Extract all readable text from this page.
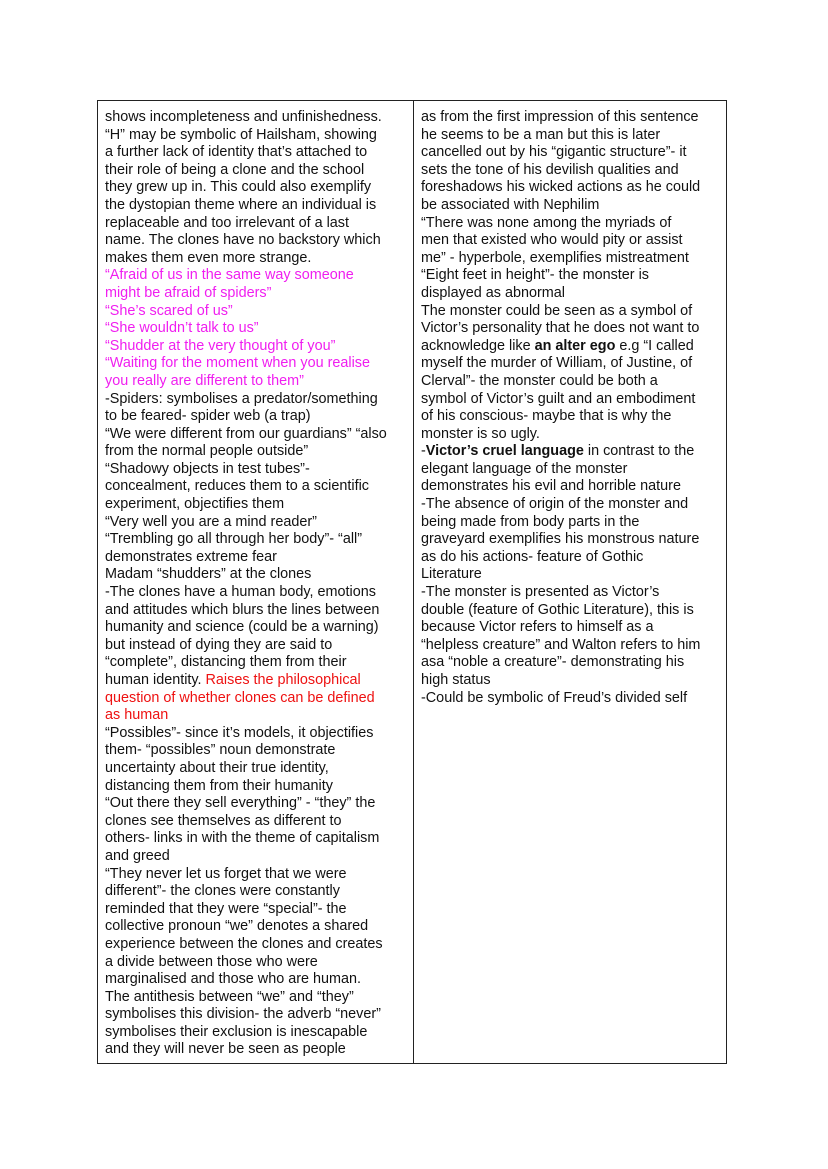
shows incompleteness and unfinishedness.
“H” may be symbolic of Hailsham, showing
a further lack of identity that’s attached to
their role of being a clone and the school
they grew up in. This could also exemplify
the dystopian theme where an individual is
replaceable and too irrelevant of a last
name. The clones have no backstory which
makes them even more strange.
“Afraid of us in the same way someone
might be afraid of spiders”
“She’s scared of us”
“She wouldn’t talk to us”
“Shudder at the very thought of you”
“Waiting for the moment when you realise
you really are different to them”
-Spiders: symbolises a predator/something
to be feared- spider web (a trap)
“We were different from our guardians” “also
from the normal people outside”
“Shadowy objects in test tubes”-
concealment, reduces them to a scientific
experiment, objectifies them
“Very well you are a mind reader”
“Trembling go all through her body”- “all”
demonstrates extreme fear
Madam “shudders” at the clones
-The clones have a human body, emotions
and attitudes which blurs the lines between
humanity and science (could be a warning)
but instead of dying they are said to
“complete”, distancing them from their
human identity. Raises the philosophical
question of whether clones can be defined
as human
“Possibles”- since it’s models, it objectifies
them- “possibles” noun demonstrate
uncertainty about their true identity,
distancing them from their humanity
“Out there they sell everything” - “they” the
clones see themselves as different to
others- links in with the theme of capitalism
and greed
“They never let us forget that we were
different”- the clones were constantly
reminded that they were “special”- the
collective pronoun “we” denotes a shared
experience between the clones and creates
a divide between those who were
marginalised and those who are human.
The antithesis between “we” and “they”
symbolises this division- the adverb “never”
symbolises their exclusion is inescapable
and they will never be seen as people
as from the first impression of this sentence
he seems to be a man but this is later
cancelled out by his “gigantic structure”- it
sets the tone of his devilish qualities and
foreshadows his wicked actions as he could
be associated with Nephilim
“There was none among the myriads of
men that existed who would pity or assist
me” - hyperbole, exemplifies mistreatment
“Eight feet in height”- the monster is
displayed as abnormal
The monster could be seen as a symbol of
Victor’s personality that he does not want to
acknowledge like an alter ego e.g “I called
myself the murder of William, of Justine, of
Clerval”- the monster could be both a
symbol of Victor’s guilt and an embodiment
of his conscious- maybe that is why the
monster is so ugly.
-Victor’s cruel language in contrast to the
elegant language of the monster
demonstrates his evil and horrible nature
-The absence of origin of the monster and
being made from body parts in the
graveyard exemplifies his monstrous nature
as do his actions- feature of Gothic
Literature
-The monster is presented as Victor’s
double (feature of Gothic Literature), this is
because Victor refers to himself as a
“helpless creature” and Walton refers to him
asa “noble a creature”- demonstrating his
high status
-Could be symbolic of Freud’s divided self
